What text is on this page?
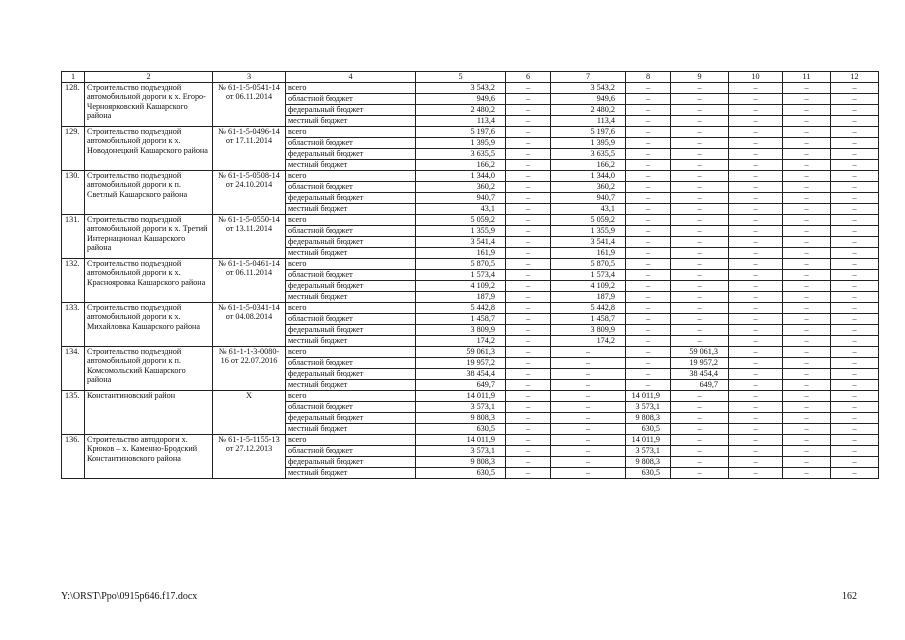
1	2	3	4	5	6	7	8	9	10	11	12
128.	Строительство подъездной автомобильной дороги к х. Егоро-Черноярковский Кашарского района	№ 61-1-5-0541-14 от 06.11.2014	всего	3 543,2	–	3 543,2	–	–	–	–	–
			областной бюджет	949,6	–	949,6	–	–	–	–	–
			федеральный бюджет	2 480,2	–	2 480,2	–	–	–	–	–
			местный бюджет	113,4	–	113,4	–	–	–	–	–
129.	Строительство подъездной автомобильной дороги к х. Новодонецкий Кашарского района	№ 61-1-5-0496-14 от 17.11.2014	всего	5 197,6	–	5 197,6	–	–	–	–	–
			областной бюджет	1 395,9	–	1 395,9	–	–	–	–	–
			федеральный бюджет	3 635,5	–	3 635,5	–	–	–	–	–
			местный бюджет	166,2	–	166,2	–	–	–	–	–
130.	Строительство подъездной автомобильной дороги к п. Светлый Кашарского района	№ 61-1-5-0508-14 от 24.10.2014	всего	1 344,0	–	1 344,0	–	–	–	–	–
			областной бюджет	360,2	–	360,2	–	–	–	–	–
			федеральный бюджет	940,7	–	940,7	–	–	–	–	–
			местный бюджет	43,1	–	43,1	–	–	–	–	–
131.	Строительство подъездной автомобильной дороги к х. Третий Интернационал Кашарского района	№ 61-1-5-0550-14 от 13.11.2014	всего	5 059,2	–	5 059,2	–	–	–	–	–
			областной бюджет	1 355,9	–	1 355,9	–	–	–	–	–
			федеральный бюджет	3 541,4	–	3 541,4	–	–	–	–	–
			местный бюджет	161,9	–	161,9	–	–	–	–	–
132.	Строительство подъездной автомобильной дороги к х. Краснояровка Кашарского района	№ 61-1-5-0461-14 от 06.11.2014	всего	5 870,5	–	5 870,5	–	–	–	–	–
			областной бюджет	1 573,4	–	1 573,4	–	–	–	–	–
			федеральный бюджет	4 109,2	–	4 109,2	–	–	–	–	–
			местный бюджет	187,9	–	187,9	–	–	–	–	–
133.	Строительство подъездной автомобильной дороги к х. Михайловка Кашарского района	№ 61-1-5-0341-14 от 04.08.2014	всего	5 442,8	–	5 442,8	–	–	–	–	–
			областной бюджет	1 458,7	–	1 458,7	–	–	–	–	–
			федеральный бюджет	3 809,9	–	3 809,9	–	–	–	–	–
			местный бюджет	174,2	–	174,2	–	–	–	–	–
134.	Строительство подъездной автомобильной дороги к п. Комсомольский Кашарского района	№ 61-1-1-3-0080-16 от 22.07.2016	всего	59 061,3	–	–	–	59 061,3	–	–	–
			областной бюджет	19 957,2	–	–	–	19 957,2	–	–	–
			федеральный бюджет	38 454,4	–	–	–	38 454,4	–	–	–
			местный бюджет	649,7	–	–	–	649,7	–	–	–
135.	Константиновский район	Х	всего	14 011,9	–	–	14 011,9	–	–	–	–
			областной бюджет	3 573,1	–	–	3 573,1	–	–	–	–
			федеральный бюджет	9 808,3	–	–	9 808,3	–	–	–	–
			местный бюджет	630,5	–	–	630,5	–	–	–	–
136.	Строительство автодороги х. Крюков – х. Каменно-Бродский Константиновского района	№ 61-1-5-1155-13 от 27.12.2013	всего	14 011,9	–	–	14 011,9	–	–	–	–
			областной бюджет	3 573,1	–	–	3 573,1	–	–	–	–
			федеральный бюджет	9 808,3	–	–	9 808,3	–	–	–	–
			местный бюджет	630,5	–	–	630,5	–	–	–	–
Y:\ORST\Ppo\0915p646.f17.docx	162
